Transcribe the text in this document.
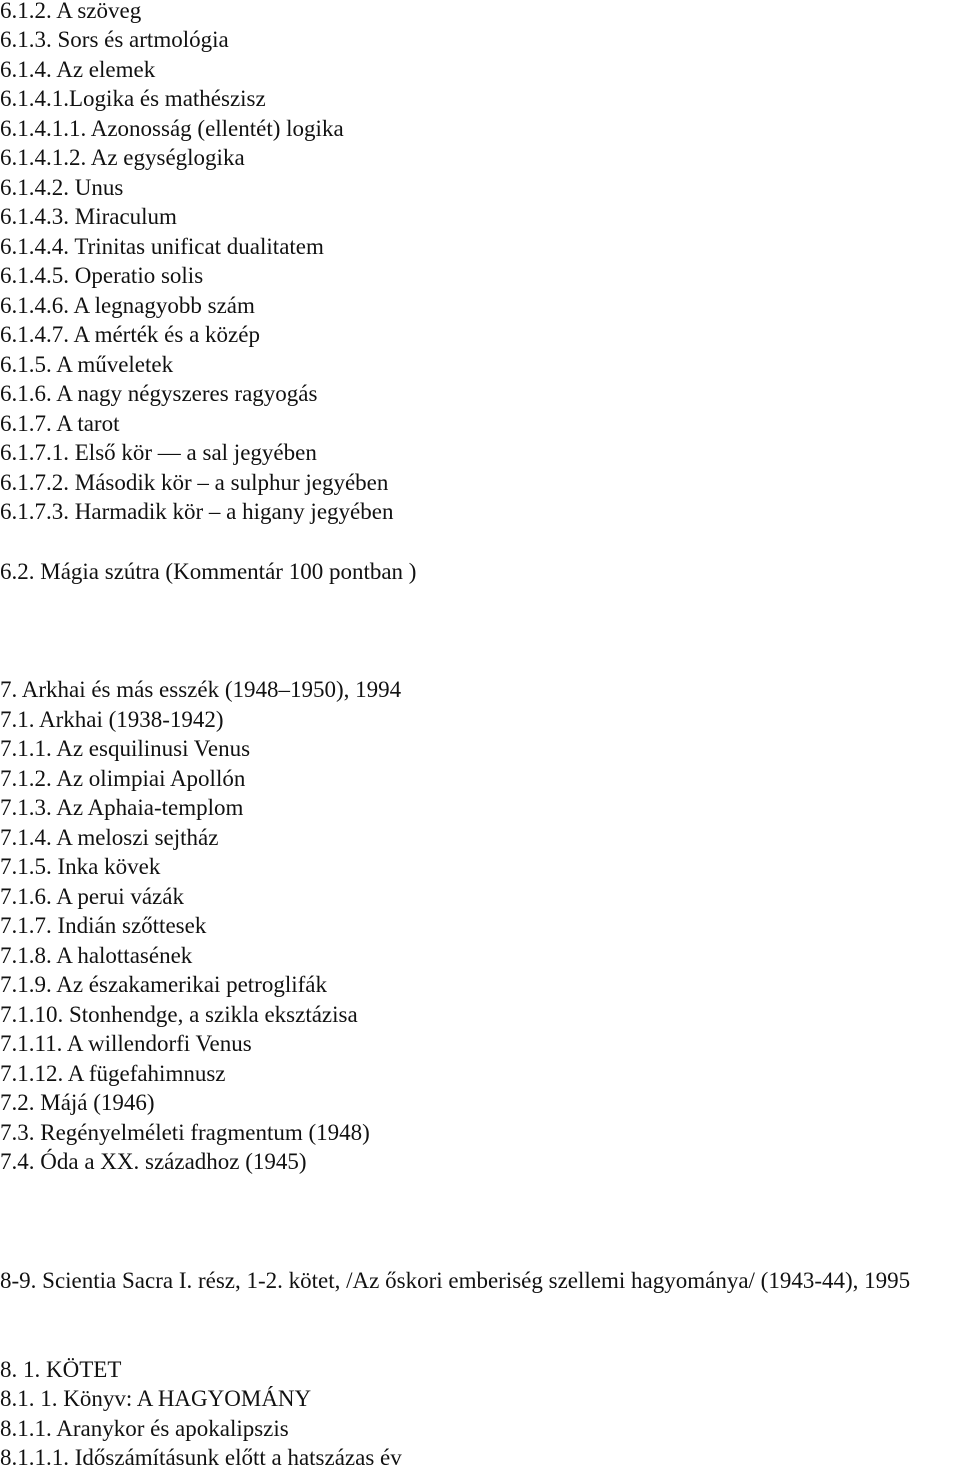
6.1.2. A szöveg
6.1.3. Sors és artmológia
6.1.4. Az elemek
6.1.4.1.Logika és mathészisz
6.1.4.1.1. Azonosság (ellentét) logika
6.1.4.1.2. Az egységlogika
6.1.4.2. Unus
6.1.4.3. Miraculum
6.1.4.4. Trinitas unificat dualitatem
6.1.4.5. Operatio solis
6.1.4.6. A legnagyobb szám
6.1.4.7. A mérték és a közép
6.1.5. A műveletek
6.1.6. A nagy négyszeres ragyogás
6.1.7. A tarot
6.1.7.1. Első kör — a sal jegyében
6.1.7.2. Második kör – a sulphur jegyében
6.1.7.3. Harmadik kör – a higany jegyében
6.2. Mágia szútra (Kommentár 100 pontban )
7. Arkhai és más esszék (1948–1950), 1994
7.1. Arkhai (1938-1942)
7.1.1. Az esquilinusi Venus
7.1.2. Az olimpiai Apollón
7.1.3. Az Aphaia-templom
7.1.4. A meloszi sejtház
7.1.5. Inka kövek
7.1.6. A perui vázák
7.1.7. Indián szőttesek
7.1.8. A halottasének
7.1.9. Az északamerikai petroglifák
7.1.10. Stonhendge, a szikla eksztázisa
7.1.11. A willendorfi Venus
7.1.12. A fügefahimnusz
7.2. Májá (1946)
7.3. Regényelméleti fragmentum (1948)
7.4. Óda a XX. századhoz (1945)
8-9. Scientia Sacra I. rész, 1-2. kötet, /Az őskori emberiség szellemi hagyománya/ (1943-44), 1995
8. 1. KÖTET
8.1. 1. Könyv: A HAGYOMÁNY
8.1.1. Aranykor és apokalipszis
8.1.1.1. Időszámításunk előtt a hatszázas év
